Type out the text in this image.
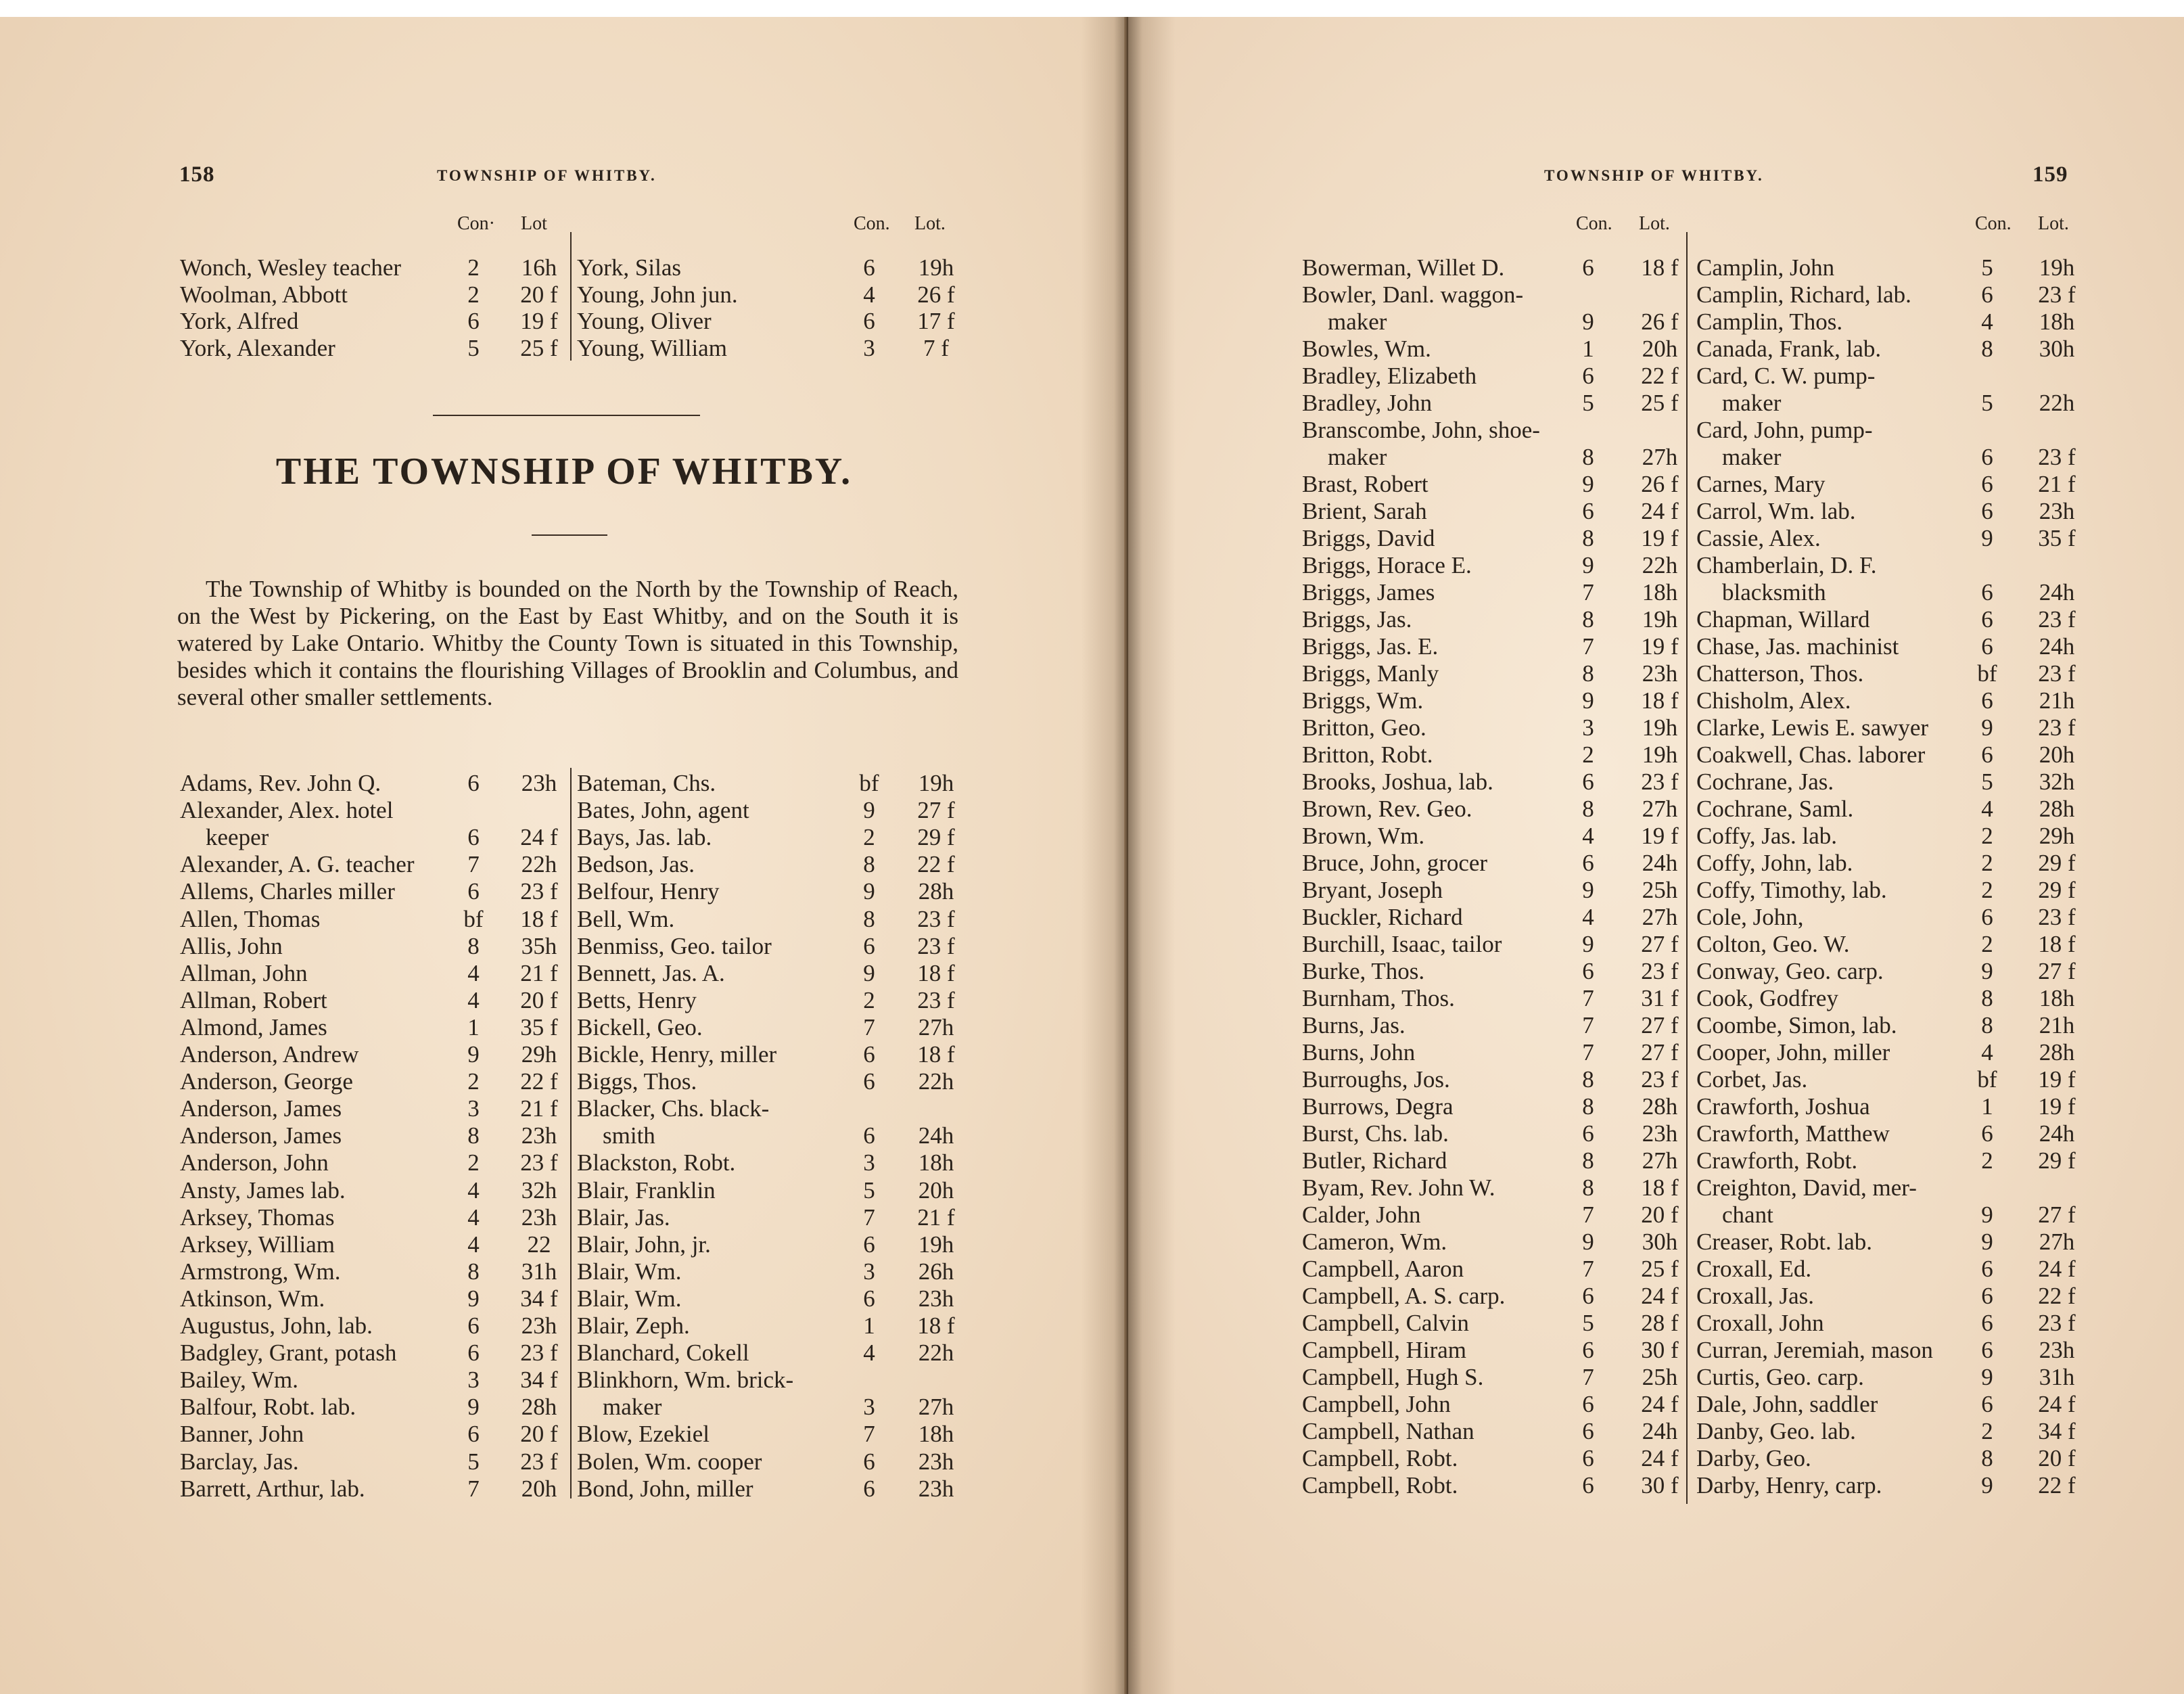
158	TOWNSHIP OF WHITBY.
Con· Lot	Con. Lot.
Wonch, Wesley teacher	2	16h
Woolman, Abbott	2	20 f
York, Alfred	6	19 f
York, Alexander	5	25 f
York, Silas	6	19h
Young, John jun.	4	26 f
Young, Oliver	6	17 f
Young, William	3	7 f
THE TOWNSHIP OF WHITBY.
The Township of Whitby is bounded on the North by the Township of Reach, on the West by Pickering, on the East by East Whitby, and on the South it is watered by Lake Ontario. Whitby the County Town is situated in this Township, besides which it contains the flourishing Villages of Brooklin and Columbus, and several other smaller settlements.
Adams, Rev. John Q.	6	23h
Alexander, Alex. hotel
keeper	6	24 f
Alexander, A. G. teacher	7	22h
Allems, Charles miller	6	23 f
Allen, Thomas	bf	18 f
Allis, John	8	35h
Allman, John	4	21 f
Allman, Robert	4	20 f
Almond, James	1	35 f
Anderson, Andrew	9	29h
Anderson, George	2	22 f
Anderson, James	3	21 f
Anderson, James	8	23h
Anderson, John	2	23 f
Ansty, James lab.	4	32h
Arksey, Thomas	4	23h
Arksey, William	4	22
Armstrong, Wm.	8	31h
Atkinson, Wm.	9	34 f
Augustus, John, lab.	6	23h
Badgley, Grant, potash	6	23 f
Bailey, Wm.	3	34 f
Balfour, Robt. lab.	9	28h
Banner, John	6	20 f
Barclay, Jas.	5	23 f
Barrett, Arthur, lab.	7	20h
Bateman, Chs.	bf	19h
Bates, John, agent	9	27 f
Bays, Jas. lab.	2	29 f
Bedson, Jas.	8	22 f
Belfour, Henry	9	28h
Bell, Wm.	8	23 f
Benmiss, Geo. tailor	6	23 f
Bennett, Jas. A.	9	18 f
Betts, Henry	2	23 f
Bickell, Geo.	7	27h
Bickle, Henry, miller	6	18 f
Biggs, Thos.	6	22h
Blacker, Chs. black-
smith	6	24h
Blackston, Robt.	3	18h
Blair, Franklin	5	20h
Blair, Jas.	7	21 f
Blair, John, jr.	6	19h
Blair, Wm.	3	26h
Blair, Wm.	6	23h
Blair, Zeph.	1	18 f
Blanchard, Cokell	4	22h
Blinkhorn, Wm. brick-
maker	3	27h
Blow, Ezekiel	7	18h
Bolen, Wm. cooper	6	23h
Bond, John, miller	6	23h
TOWNSHIP OF WHITBY.	159
Con. Lot.	Con. Lot.
Bowerman, Willet D.	6	18 f
Bowler, Danl. waggon-
maker	9	26 f
Bowles, Wm.	1	20h
Bradley, Elizabeth	6	22 f
Bradley, John	5	25 f
Branscombe, John, shoe-
maker	8	27h
Brast, Robert	9	26 f
Brient, Sarah	6	24 f
Briggs, David	8	19 f
Briggs, Horace E.	9	22h
Briggs, James	7	18h
Briggs, Jas.	8	19h
Briggs, Jas. E.	7	19 f
Briggs, Manly	8	23h
Briggs, Wm.	9	18 f
Britton, Geo.	3	19h
Britton, Robt.	2	19h
Brooks, Joshua, lab.	6	23 f
Brown, Rev. Geo.	8	27h
Brown, Wm.	4	19 f
Bruce, John, grocer	6	24h
Bryant, Joseph	9	25h
Buckler, Richard	4	27h
Burchill, Isaac, tailor	9	27 f
Burke, Thos.	6	23 f
Burnham, Thos.	7	31 f
Burns, Jas.	7	27 f
Burns, John	7	27 f
Burroughs, Jos.	8	23 f
Burrows, Degra	8	28h
Burst, Chs. lab.	6	23h
Butler, Richard	8	27h
Byam, Rev. John W.	8	18 f
Calder, John	7	20 f
Cameron, Wm.	9	30h
Campbell, Aaron	7	25 f
Campbell, A. S. carp.	6	24 f
Campbell, Calvin	5	28 f
Campbell, Hiram	6	30 f
Campbell, Hugh S.	7	25h
Campbell, John	6	24 f
Campbell, Nathan	6	24h
Campbell, Robt.	6	24 f
Campbell, Robt.	6	30 f
Camplin, John	5	19h
Camplin, Richard, lab.	6	23 f
Camplin, Thos.	4	18h
Canada, Frank, lab.	8	30h
Card, C. W. pump-
maker	5	22h
Card, John, pump-
maker	6	23 f
Carnes, Mary	6	21 f
Carrol, Wm. lab.	6	23h
Cassie, Alex.	9	35 f
Chamberlain, D. F.
blacksmith	6	24h
Chapman, Willard	6	23 f
Chase, Jas. machinist	6	24h
Chatterson, Thos.	bf	23 f
Chisholm, Alex.	6	21h
Clarke, Lewis E. sawyer	9	23 f
Coakwell, Chas. laborer	6	20h
Cochrane, Jas.	5	32h
Cochrane, Saml.	4	28h
Coffy, Jas. lab.	2	29h
Coffy, John, lab.	2	29 f
Coffy, Timothy, lab.	2	29 f
Cole, John,	6	23 f
Colton, Geo. W.	2	18 f
Conway, Geo. carp.	9	27 f
Cook, Godfrey	8	18h
Coombe, Simon, lab.	8	21h
Cooper, John, miller	4	28h
Corbet, Jas.	bf	19 f
Crawforth, Joshua	1	19 f
Crawforth, Matthew	6	24h
Crawforth, Robt.	2	29 f
Creighton, David, mer-
chant	9	27 f
Creaser, Robt. lab.	9	27h
Croxall, Ed.	6	24 f
Croxall, Jas.	6	22 f
Croxall, John	6	23 f
Curran, Jeremiah, mason	6	23h
Curtis, Geo. carp.	9	31h
Dale, John, saddler	6	24 f
Danby, Geo. lab.	2	34 f
Darby, Geo.	8	20 f
Darby, Henry, carp.	9	22 f
